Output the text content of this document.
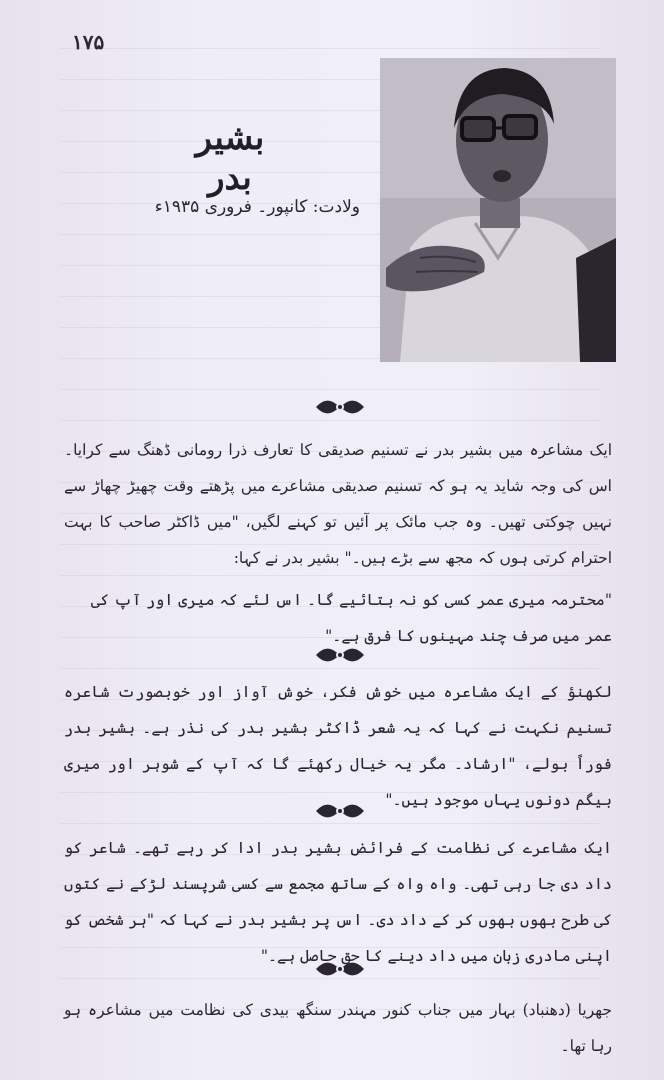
۱۷۵
بشیر بدر
ولادت: کانپور۔ فروری ۱۹۳۵ء
ایک مشاعرہ میں بشیر بدر نے تسنیم صدیقی کا تعارف ذرا رومانی ڈھنگ سے کرایا۔ اس کی وجہ شاید یہ ہو کہ تسنیم صدیقی مشاعرے میں پڑھتے وقت چھیڑ چھاڑ سے نہیں چوکتی تھیں۔ وہ جب مائک پر آئیں تو کہنے لگیں، "میں ڈاکٹر صاحب کا بہت احترام کرتی ہوں کہ مجھ سے بڑے ہیں۔" بشیر بدر نے کہا:
"محترمہ میری عمر کسی کو نہ بتائیے گا۔ اس لئے کہ میری اور آپ کی عمر میں صرف چند مہینوں کا فرق ہے۔"
لکھنؤ کے ایک مشاعرہ میں خوش فکر، خوش آواز اور خوبصورت شاعرہ تسنیم نکہت نے کہا کہ یہ شعر ڈاکٹر بشیر بدر کی نذر ہے۔ بشیر بدر فوراً بولے، "ارشاد۔ مگر یہ خیال رکھئے گا کہ آپ کے شوہر اور میری بیگم دونوں یہاں موجود ہیں۔"
ایک مشاعرے کی نظامت کے فرائض بشیر بدر ادا کر رہے تھے۔ شاعر کو داد دی جا رہی تھی۔ واہ واہ کے ساتھ مجمع سے کسی شرپسند لڑکے نے کتوں کی طرح بھوں بھوں کر کے داد دی۔ اس پر بشیر بدر نے کہا کہ "ہر شخص کو اپنی مادری زبان میں داد دینے کا حق حاصل ہے۔"
جھریا (دھنباد) بہار میں جناب کنور مہندر سنگھ بیدی کی نظامت میں مشاعرہ ہو رہا تھا۔
